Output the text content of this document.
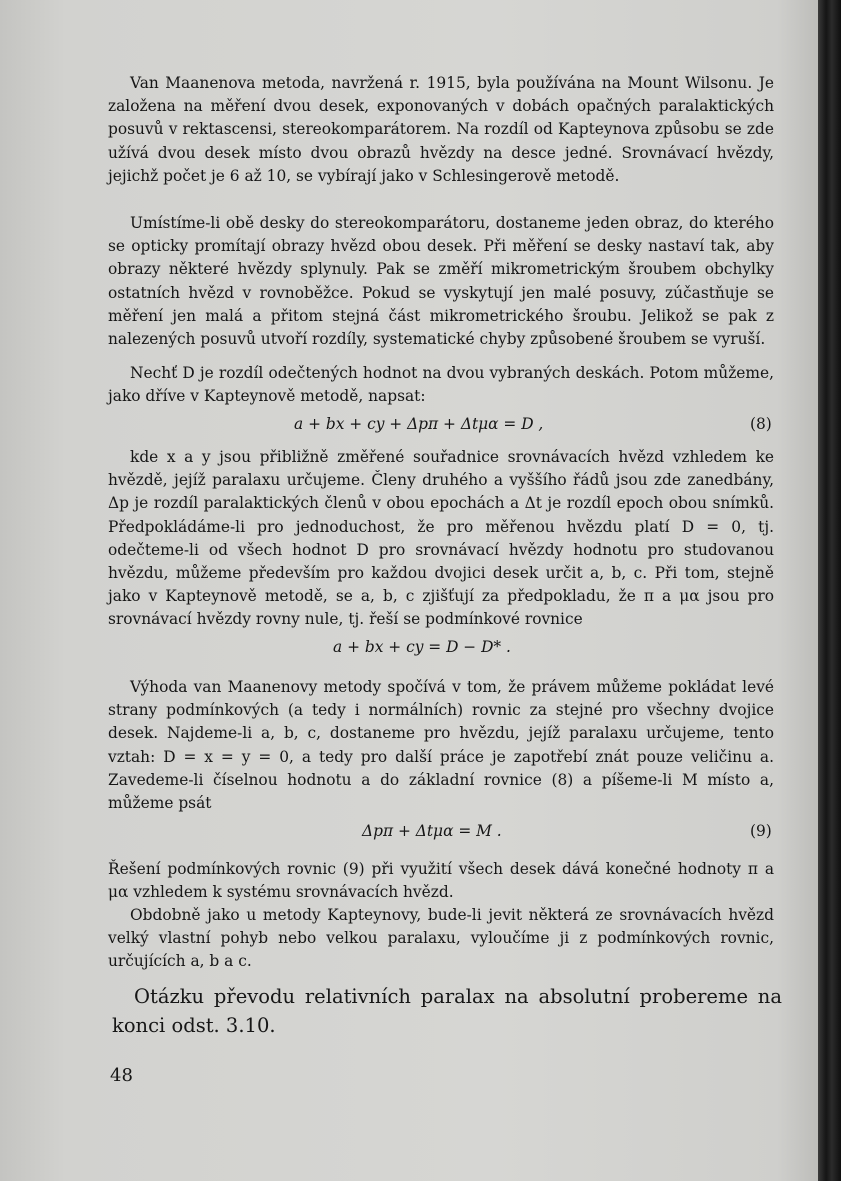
Van Maanenova metoda, navržená r. 1915, byla používána na Mount Wilsonu. Je založena na měření dvou desek, exponovaných v dobách opačných paralaktických posuvů v rektascensi, stereokomparátorem. Na rozdíl od Kapteynova způsobu se zde užívá dvou desek místo dvou obrazů hvězdy na desce jedné. Srovnávací hvězdy, jejichž počet je 6 až 10, se vybírají jako v Schlesingerově metodě.

Umístíme-li obě desky do stereokomparátoru, dostaneme jeden obraz, do kterého se opticky promítají obrazy hvězd obou desek. Při měření se desky nastaví tak, aby obrazy některé hvězdy splynuly. Pak se změří mikrometrickým šroubem obchylky ostatních hvězd v rovnoběžce. Pokud se vyskytují jen malé posuvy, zúčastňuje se měření jen malá a přitom stejná část mikrometrického šroubu. Jelikož se pak z nalezených posuvů utvoří rozdíly, systematické chyby způsobené šroubem se vyruší.

Nechť D je rozdíl odečtených hodnot na dvou vybraných deskách. Potom můžeme, jako dříve v Kapteynově metodě, napsat:

a + bx + cy + Δpπ + Δtμα = D ,	(8)

kde x a y jsou přibližně změřené souřadnice srovnávacích hvězd vzhledem ke hvězdě, jejíž paralaxu určujeme. Členy druhého a vyššího řádů jsou zde zanedbány, Δp je rozdíl paralaktických členů v obou epochách a Δt je rozdíl epoch obou snímků. Předpokládáme-li pro jednoduchost, že pro měřenou hvězdu platí D = 0, tj. odečteme-li od všech hodnot D pro srovnávací hvězdy hodnotu pro studovanou hvězdu, můžeme především pro každou dvojici desek určit a, b, c. Při tom, stejně jako v Kapteynově metodě, se a, b, c zjišťují za předpokladu, že π a μα jsou pro srovnávací hvězdy rovny nule, tj. řeší se podmínkové rovnice

a + bx + cy = D − D* .

Výhoda van Maanenovy metody spočívá v tom, že právem můžeme pokládat levé strany podmínkových (a tedy i normálních) rovnic za stejné pro všechny dvojice desek. Najdeme-li a, b, c, dostaneme pro hvězdu, jejíž paralaxu určujeme, tento vztah: D = x = y = 0, a tedy pro další práce je zapotřebí znát pouze veličinu a. Zavedeme-li číselnou hodnotu a do základní rovnice (8) a píšeme-li M místo a, můžeme psát

Δpπ + Δtμα = M .	(9)

Řešení podmínkových rovnic (9) při využití všech desek dává konečné hodnoty π a μα vzhledem k systému srovnávacích hvězd.

Obdobně jako u metody Kapteynovy, bude-li jevit některá ze srovnávacích hvězd velký vlastní pohyb nebo velkou paralaxu, vyloučíme ji z podmínkových rovnic, určujících a, b a c.

Otázku převodu relativních paralax na absolutní probereme na konci odst. 3.10.

48
